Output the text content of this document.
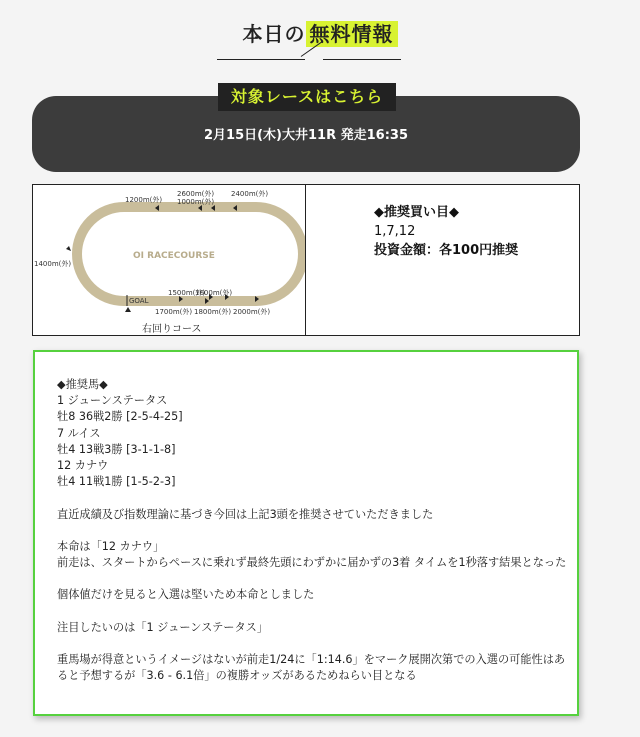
本日の 無料情報
対象レースはこちら
2月15日(木)大井11R 発走16:35
OI RACECOURSE
1200m(外)
2600m(外)
1000m(外)
2400m(外)
1400m(外)
1500m(外)
1600m(外)
GOAL
1700m(外) 1800m(外) 2000m(外)
右回りコース
◆推奨買い目◆
1,7,12
投資金額：各100円推奨
◆推奨馬◆
1 ジューンステータス
牡8 36戦2勝 [2-5-4-25]
7 ルイス
牡4 13戦3勝 [3-1-1-8]
12 カナウ
牡4 11戦1勝 [1-5-2-3]
直近成績及び指数理論に基づき今回は上記3頭を推奨させていただきました
本命は「12 カナウ」
前走は、スタートからペースに乗れず最終先頭にわずかに届かずの3着 タイムを1秒落す結果となった
個体値だけを見ると入選は堅いため本命としました
注目したいのは「1 ジューンステータス」
重馬場が得意というイメージはないが前走1/24に「1:14.6」をマーク展開次第での入選の可能性はあ
ると予想するが「3.6 - 6.1倍」の複勝オッズがあるためねらい目となる
